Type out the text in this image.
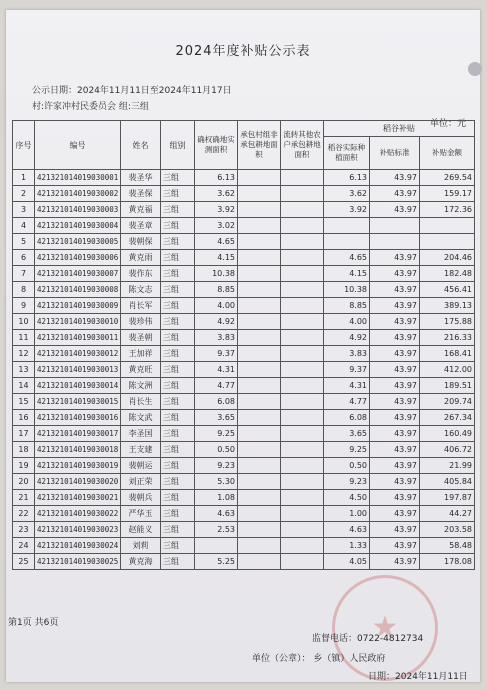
2024年度补贴公示表
公示日期：2024年11月11日至2024年11月17日
村:许家冲村民委员会 组:三组
单位：元
序号	编号	姓名	组别	确权确地实测面积	承包村组非承包耕地面积	流转其他农户承包耕地面积	稻谷补贴		
							稻谷实际种植面积	补贴标准	补贴金额
1	421321014019030001	裴圣华	三组	6.13			6.13	43.97	269.54
2	421321014019030002	裴圣保	三组	3.62			3.62	43.97	159.17
3	421321014019030003	黄克福	三组	3.92			3.92	43.97	172.36
4	421321014019030004	裴圣章	三组	3.02					
5	421321014019030005	裴朝保	三组	4.65					
6	421321014019030006	黄克雨	三组	4.15			4.65	43.97	204.46
7	421321014019030007	裴作东	三组	10.38			4.15	43.97	182.48
8	421321014019030008	陈文志	三组	8.85			10.38	43.97	456.41
9	421321014019030009	肖长军	三组	4.00			8.85	43.97	389.13
10	421321014019030010	裴珍伟	三组	4.92			4.00	43.97	175.88
11	421321014019030011	裴圣朝	三组	3.83			4.92	43.97	216.33
12	421321014019030012	王加祥	三组	9.37			3.83	43.97	168.41
13	421321014019030013	黄克旺	三组	4.31			9.37	43.97	412.00
14	421321014019030014	陈文洲	三组	4.77			4.31	43.97	189.51
15	421321014019030015	肖长生	三组	6.08			4.77	43.97	209.74
16	421321014019030016	陈文武	三组	3.65			6.08	43.97	267.34
17	421321014019030017	李圣国	三组	9.25			3.65	43.97	160.49
18	421321014019030018	王支建	三组	0.50			9.25	43.97	406.72
19	421321014019030019	裴朝运	三组	9.23			0.50	43.97	21.99
20	421321014019030020	刘正荣	三组	5.30			9.23	43.97	405.84
21	421321014019030021	裴朝兵	三组	1.08			4.50	43.97	197.87
22	421321014019030022	严华玉	三组	4.63			1.00	43.97	44.27
23	421321014019030023	赵能义	三组	2.53			4.63	43.97	203.58
24	421321014019030024	刘莉	三组				1.33	43.97	58.48
25	421321014019030025	黄克海	三组	5.25			4.05	43.97	178.08
★
第1页 共6页
监督电话：0722-4812734
单位（公章）： 乡（镇）人民政府
日期：2024年11月11日
